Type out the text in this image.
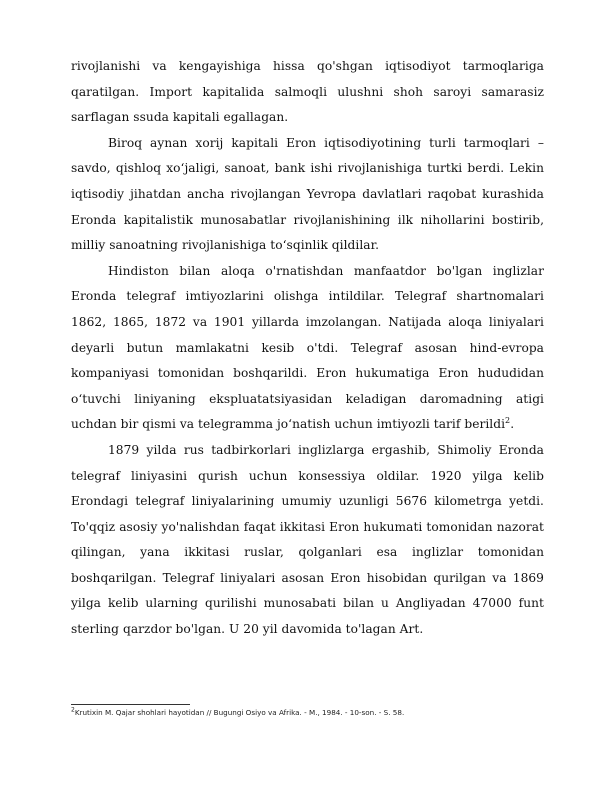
rivojlanishi va kengayishiga hissa qo'shgan iqtisodiyot tarmoqlariga qaratilgan. Import kapitalida salmoqli ulushni shoh saroyi samarasiz sarflagan ssuda kapitali egallagan.

Biroq aynan xorij kapitali Eron iqtisodiyotining turli tarmoqlari – savdo, qishloq xo‘jaligi, sanoat, bank ishi rivojlanishiga turtki berdi. Lekin iqtisodiy jihatdan ancha rivojlangan Yevropa davlatlari raqobat kurashida Eronda kapitalistik munosabatlar rivojlanishining ilk nihollarini bostirib, milliy sanoatning rivojlanishiga to‘sqinlik qildilar.

Hindiston bilan aloqa o'rnatishdan manfaatdor bo'lgan inglizlar Eronda telegraf imtiyozlarini olishga intildilar. Telegraf shartnomalari 1862, 1865, 1872 va 1901 yillarda imzolangan. Natijada aloqa liniyalari deyarli butun mamlakatni kesib o'tdi. Telegraf asosan hind-evropa kompaniyasi tomonidan boshqarildi. Eron hukumatiga Eron hududidan o‘tuvchi liniyaning ekspluatatsiyasidan keladigan daromadning atigi uchdan bir qismi va telegramma jo‘natish uchun imtiyozli tarif berildi$^2$.

1879 yilda rus tadbirkorlari inglizlarga ergashib, Shimoliy Eronda telegraf liniyasini qurish uchun konsessiya oldilar. 1920 yilga kelib Erondagi telegraf liniyalarining umumiy uzunligi 5676 kilometrga yetdi. To'qqiz asosiy yo'nalishdan faqat ikkitasi Eron hukumati tomonidan nazorat qilingan, yana ikkitasi ruslar, qolganlari esa inglizlar tomonidan boshqarilgan. Telegraf liniyalari asosan Eron hisobidan qurilgan va 1869 yilga kelib ularning qurilishi munosabati bilan u Angliyadan 47000 funt sterling qarzdor bo'lgan. U 20 yil davomida to'lagan Art.

$^2$Krutixin M. Qajar shohlari hayotidan // Bugungi Osiyo va Afrika. - M., 1984. - 10-son. - S. 58.
